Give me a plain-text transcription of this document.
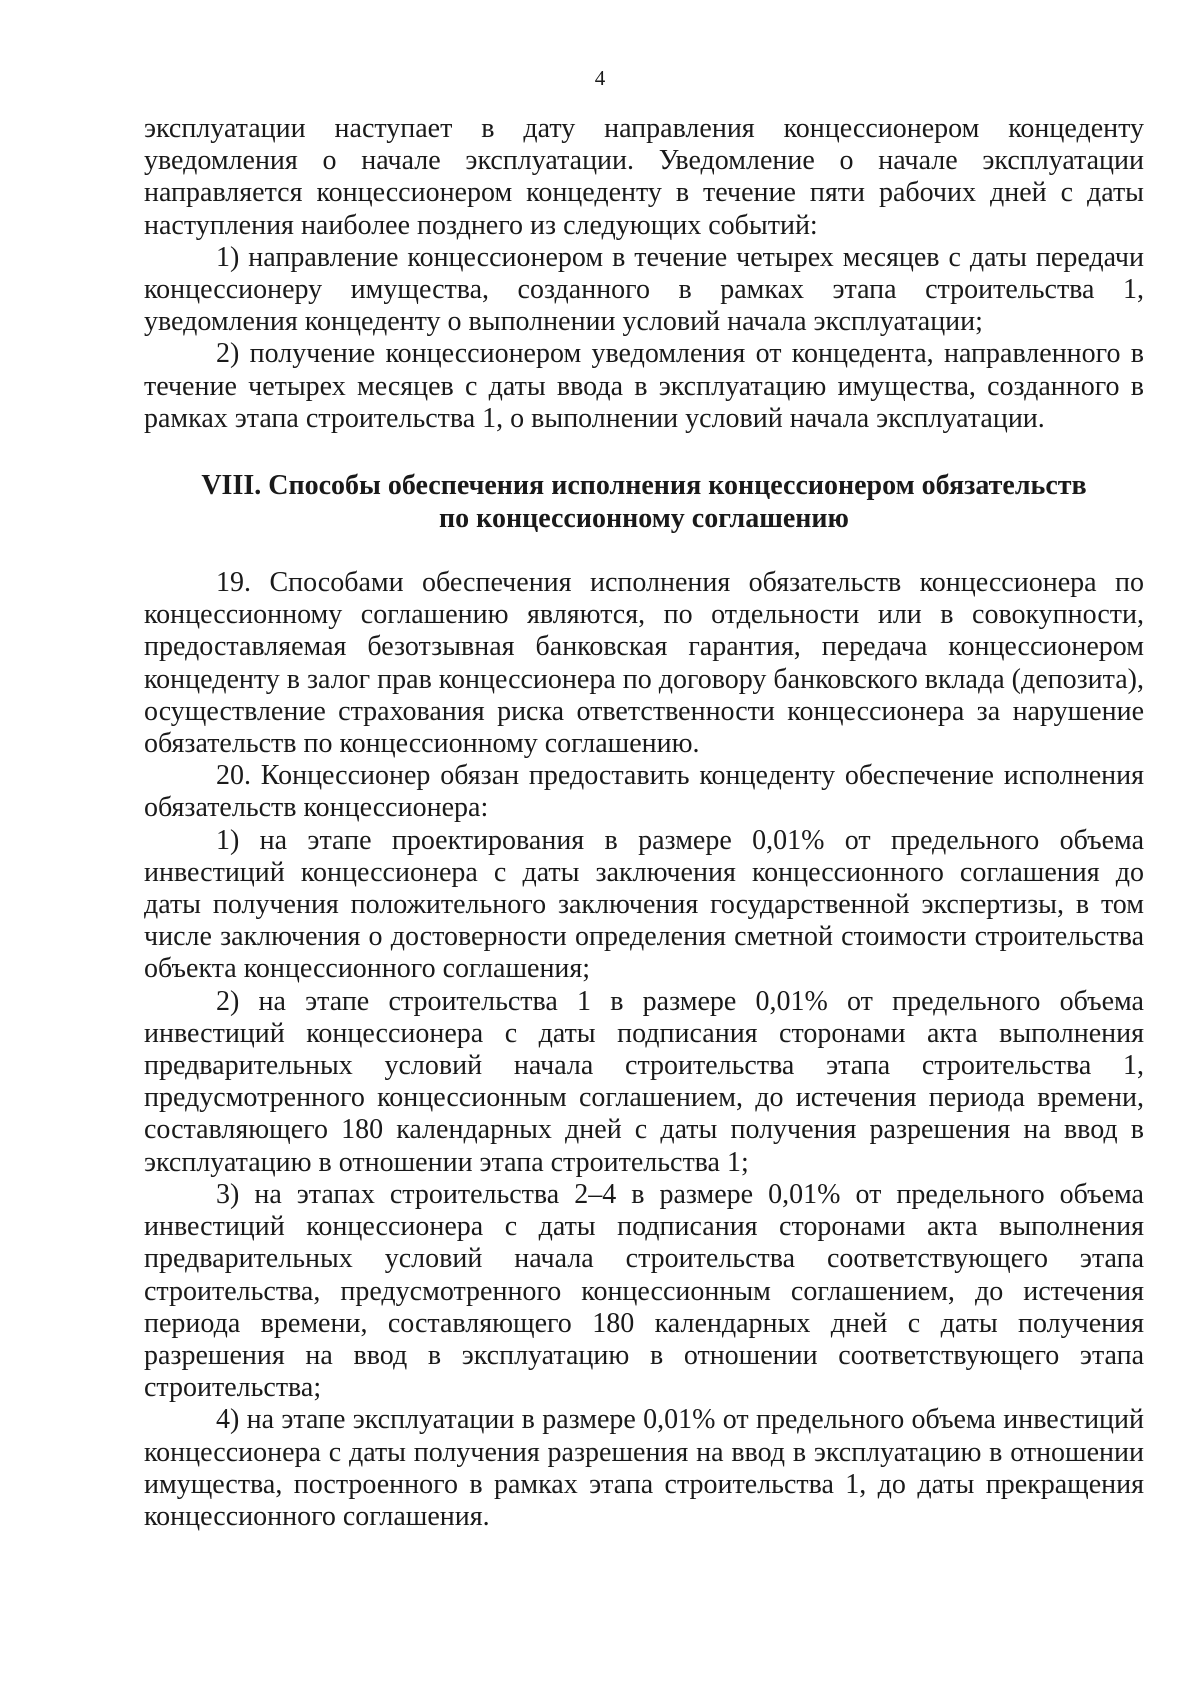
4

эксплуатации наступает в дату направления концессионером концеденту уведомления о начале эксплуатации. Уведомление о начале эксплуатации направляется концессионером концеденту в течение пяти рабочих дней с даты наступления наиболее позднего из следующих событий:

1) направление концессионером в течение четырех месяцев с даты передачи концессионеру имущества, созданного в рамках этапа строительства 1, уведомления концеденту о выполнении условий начала эксплуатации;

2) получение концессионером уведомления от концедента, направленного в течение четырех месяцев с даты ввода в эксплуатацию имущества, созданного в рамках этапа строительства 1, о выполнении условий начала эксплуатации.

VIII. Способы обеспечения исполнения концессионером обязательств
по концессионному соглашению

19. Способами обеспечения исполнения обязательств концессионера по концессионному соглашению являются, по отдельности или в совокупности, предоставляемая безотзывная банковская гарантия, передача концессионером концеденту в залог прав концессионера по договору банковского вклада (депозита), осуществление страхования риска ответственности концессионера за нарушение обязательств по концессионному соглашению.

20. Концессионер обязан предоставить концеденту обеспечение исполнения обязательств концессионера:

1) на этапе проектирования в размере 0,01% от предельного объема инвестиций концессионера с даты заключения концессионного соглашения до даты получения положительного заключения государственной экспертизы, в том числе заключения о достоверности определения сметной стоимости строительства объекта концессионного соглашения;

2) на этапе строительства 1 в размере 0,01% от предельного объема инвестиций концессионера с даты подписания сторонами акта выполнения предварительных условий начала строительства этапа строительства 1, предусмотренного концессионным соглашением, до истечения периода времени, составляющего 180 календарных дней с даты получения разрешения на ввод в эксплуатацию в отношении этапа строительства 1;

3) на этапах строительства 2–4 в размере 0,01% от предельного объема инвестиций концессионера с даты подписания сторонами акта выполнения предварительных условий начала строительства соответствующего этапа строительства, предусмотренного концессионным соглашением, до истечения периода времени, составляющего 180 календарных дней с даты получения разрешения на ввод в эксплуатацию в отношении соответствующего этапа строительства;

4) на этапе эксплуатации в размере 0,01% от предельного объема инвестиций концессионера с даты получения разрешения на ввод в эксплуатацию в отношении имущества, построенного в рамках этапа строительства 1, до даты прекращения концессионного соглашения.
